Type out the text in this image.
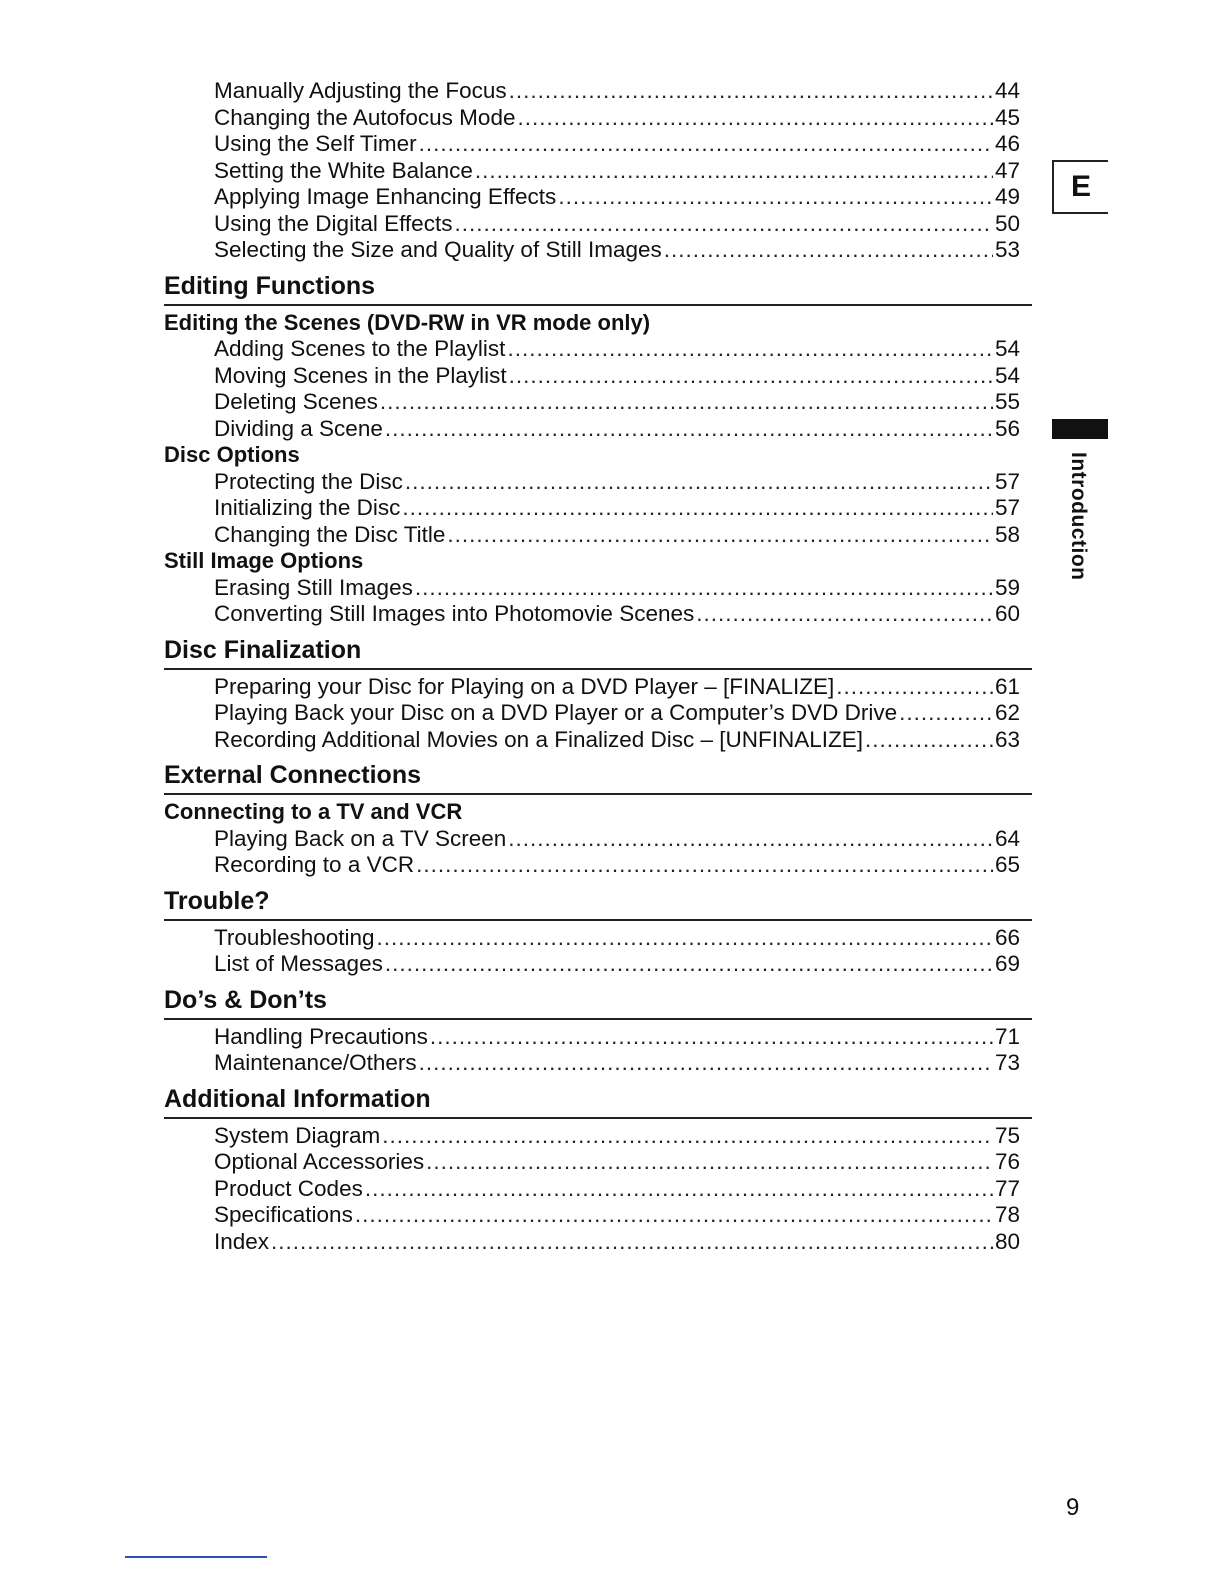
Manually Adjusting the Focus .....	44
Changing the Autofocus Mode .....	45
Using the Self Timer .....	46
Setting the White Balance .....	47
Applying Image Enhancing Effects .....	49
Using the Digital Effects .....	50
Selecting the Size and Quality of Still Images .....	53
Editing Functions
Editing the Scenes (DVD-RW in VR mode only)
Adding Scenes to the Playlist .....	54
Moving Scenes in the Playlist .....	54
Deleting Scenes .....	55
Dividing a Scene .....	56
Disc Options
Protecting the Disc .....	57
Initializing the Disc .....	57
Changing the Disc Title .....	58
Still Image Options
Erasing Still Images .....	59
Converting Still Images into Photomovie Scenes .....	60
Disc Finalization
Preparing your Disc for Playing on a DVD Player – [FINALIZE] .....	61
Playing Back your Disc on a DVD Player or a Computer’s DVD Drive .....	62
Recording Additional Movies on a Finalized Disc – [UNFINALIZE] .....	63
External Connections
Connecting to a TV and VCR
Playing Back on a TV Screen .....	64
Recording to a VCR .....	65
Trouble?
Troubleshooting .....	66
List of Messages .....	69
Do’s & Don’ts
Handling Precautions .....	71
Maintenance/Others .....	73
Additional Information
System Diagram .....	75
Optional Accessories .....	76
Product Codes .....	77
Specifications .....	78
Index .....	80
E
Introduction
9
